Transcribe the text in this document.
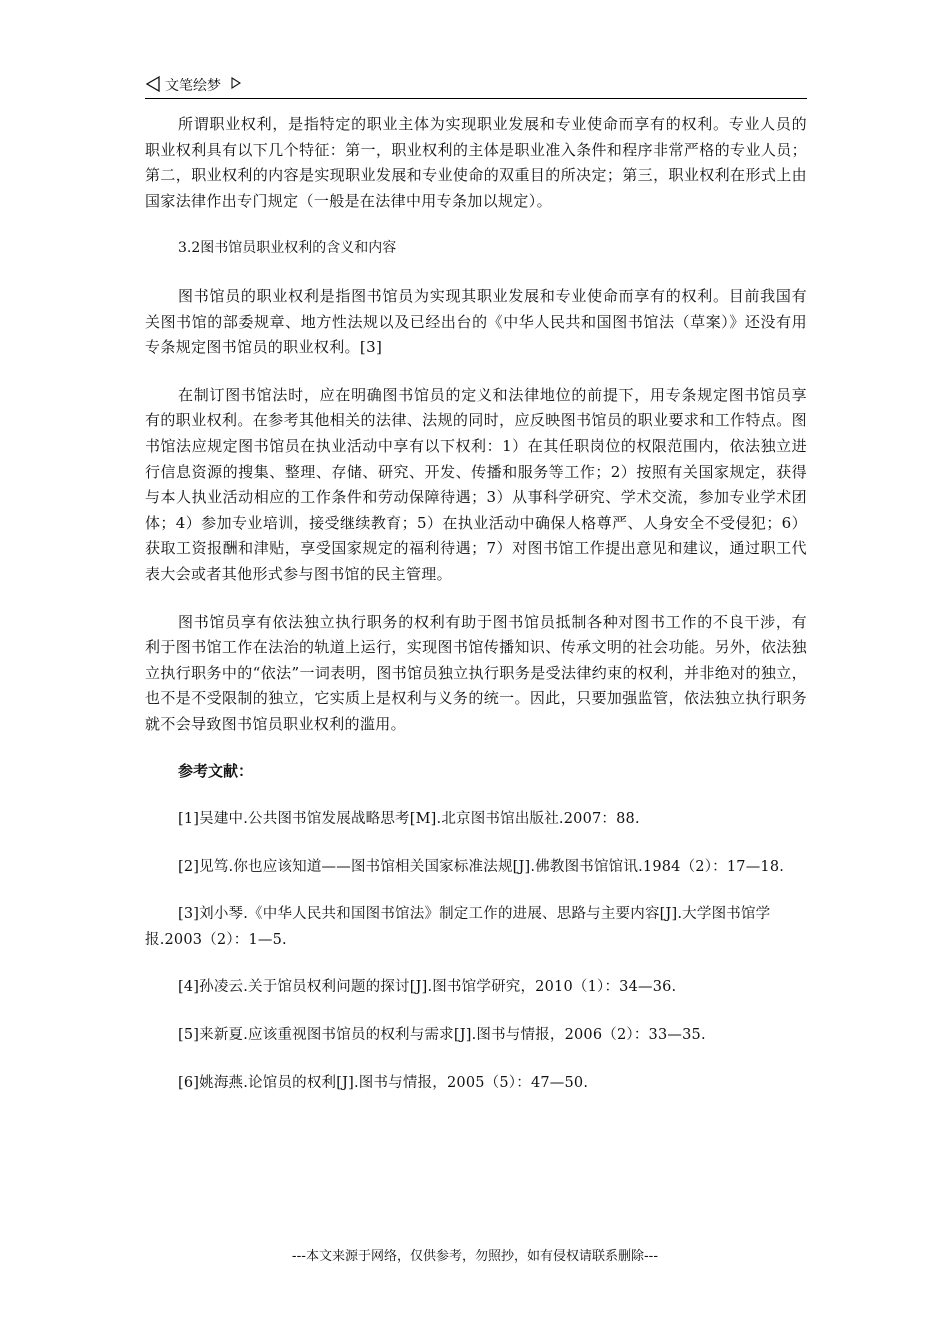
文笔绘梦

所谓职业权利，是指特定的职业主体为实现职业发展和专业使命而享有的权利。专业人员的职业权利具有以下几个特征：第一，职业权利的主体是职业准入条件和程序非常严格的专业人员；第二，职业权利的内容是实现职业发展和专业使命的双重目的所决定；第三，职业权利在形式上由国家法律作出专门规定（一般是在法律中用专条加以规定）。

3.2图书馆员职业权利的含义和内容

图书馆员的职业权利是指图书馆员为实现其职业发展和专业使命而享有的权利。目前我国有关图书馆的部委规章、地方性法规以及已经出台的《中华人民共和国图书馆法（草案）》还没有用专条规定图书馆员的职业权利。[3]

在制订图书馆法时，应在明确图书馆员的定义和法律地位的前提下，用专条规定图书馆员享有的职业权利。在参考其他相关的法律、法规的同时，应反映图书馆员的职业要求和工作特点。图书馆法应规定图书馆员在执业活动中享有以下权利：1）在其任职岗位的权限范围内，依法独立进行信息资源的搜集、整理、存储、研究、开发、传播和服务等工作；2）按照有关国家规定，获得与本人执业活动相应的工作条件和劳动保障待遇；3）从事科学研究、学术交流，参加专业学术团体；4）参加专业培训，接受继续教育；5）在执业活动中确保人格尊严、人身安全不受侵犯；6）获取工资报酬和津贴，享受国家规定的福利待遇；7）对图书馆工作提出意见和建议，通过职工代表大会或者其他形式参与图书馆的民主管理。

图书馆员享有依法独立执行职务的权利有助于图书馆员抵制各种对图书工作的不良干涉，有利于图书馆工作在法治的轨道上运行，实现图书馆传播知识、传承文明的社会功能。另外，依法独立执行职务中的“依法”一词表明，图书馆员独立执行职务是受法律约束的权利，并非绝对的独立，也不是不受限制的独立，它实质上是权利与义务的统一。因此，只要加强监管，依法独立执行职务就不会导致图书馆员职业权利的滥用。

参考文献：

[1]吴建中.公共图书馆发展战略思考[M].北京图书馆出版社.2007：88.

[2]见笃.你也应该知道——图书馆相关国家标准法规[J].佛教图书馆馆讯.1984（2）：17—18.

[3]刘小琴.《中华人民共和国图书馆法》制定工作的进展、思路与主要内容[J].大学图书馆学报.2003（2）：1—5.

[4]孙凌云.关于馆员权利问题的探讨[J].图书馆学研究，2010（1）：34—36.

[5]来新夏.应该重视图书馆员的权利与需求[J].图书与情报，2006（2）：33—35.

[6]姚海燕.论馆员的权利[J].图书与情报，2005（5）：47—50.

---本文来源于网络，仅供参考，勿照抄，如有侵权请联系删除---
